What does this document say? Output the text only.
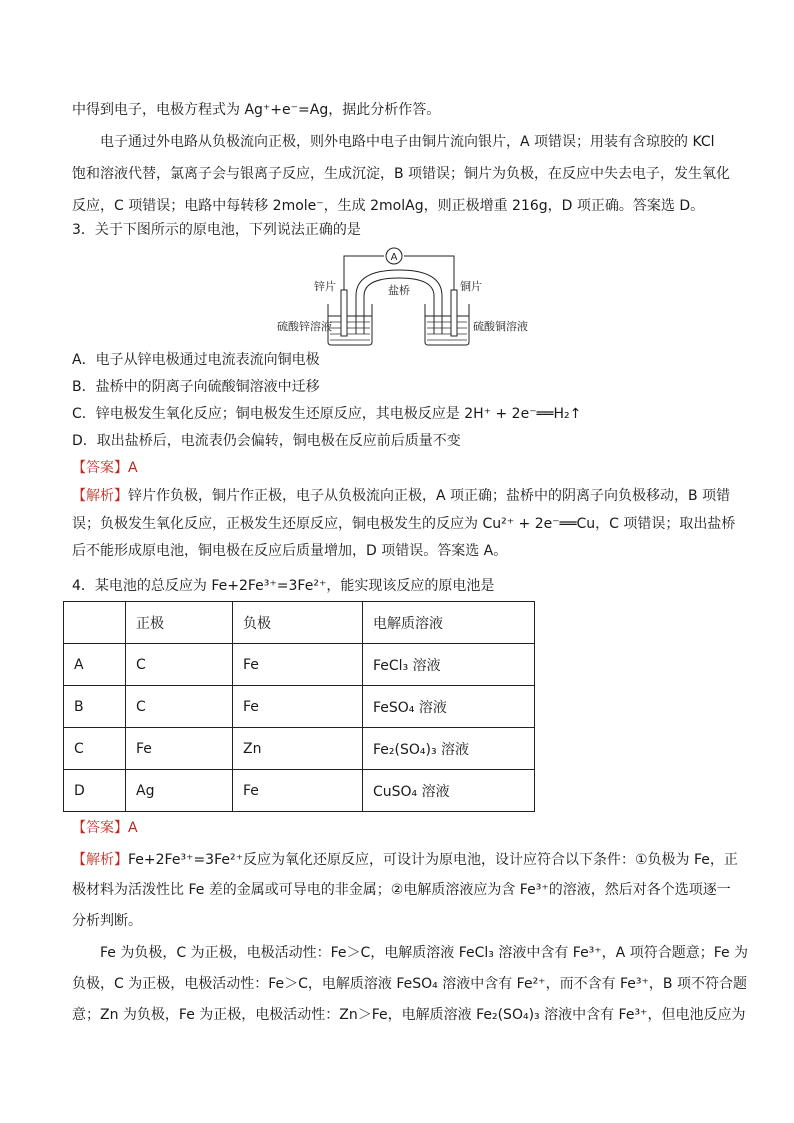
中得到电子，电极方程式为 Ag⁺+e⁻=Ag，据此分析作答。

电子通过外电路从负极流向正极，则外电路中电子由铜片流向银片，A 项错误；用装有含琼胶的 KCl

饱和溶液代替，氯离子会与银离子反应，生成沉淀，B 项错误；铜片为负极，在反应中失去电子，发生氧化

反应，C 项错误；电路中每转移 2mole⁻，生成 2molAg，则正极增重 216g，D 项正确。答案选 D。

3．关于下图所示的原电池，下列说法正确的是

A
锌片	盐桥	铜片
硫酸锌溶液	硫酸铜溶液
A．电子从锌电极通过电流表流向铜电极
B．盐桥中的阴离子向硫酸铜溶液中迁移
C．锌电极发生氧化反应；铜电极发生还原反应，其电极反应是 2H⁺ + 2e⁻══H₂↑
D．取出盐桥后，电流表仍会偏转，铜电极在反应前后质量不变

【答案】A

【解析】锌片作负极，铜片作正极，电子从负极流向正极，A 项正确；盐桥中的阴离子向负极移动，B 项错

误；负极发生氧化反应，正极发生还原反应，铜电极发生的反应为 Cu²⁺ + 2e⁻══Cu，C 项错误；取出盐桥

后不能形成原电池，铜电极在反应后质量增加，D 项错误。答案选 A。

4．某电池的总反应为 Fe+2Fe³⁺=3Fe²⁺，能实现该反应的原电池是

	正极	负极	电解质溶液
A	C	Fe	FeCl₃ 溶液
B	C	Fe	FeSO₄ 溶液
C	Fe	Zn	Fe₂(SO₄)₃ 溶液
D	Ag	Fe	CuSO₄ 溶液

【答案】A

【解析】Fe+2Fe³⁺=3Fe²⁺反应为氧化还原反应，可设计为原电池，设计应符合以下条件：①负极为 Fe，正

极材料为活泼性比 Fe 差的金属或可导电的非金属；②电解质溶液应为含 Fe³⁺的溶液，然后对各个选项逐一

分析判断。

Fe 为负极，C 为正极，电极活动性：Fe＞C，电解质溶液 FeCl₃ 溶液中含有 Fe³⁺，A 项符合题意；Fe 为

负极，C 为正极，电极活动性：Fe＞C，电解质溶液 FeSO₄ 溶液中含有 Fe²⁺，而不含有 Fe³⁺，B 项不符合题

意；Zn 为负极，Fe 为正极，电极活动性：Zn＞Fe，电解质溶液 Fe₂(SO₄)₃ 溶液中含有 Fe³⁺，但电池反应为
